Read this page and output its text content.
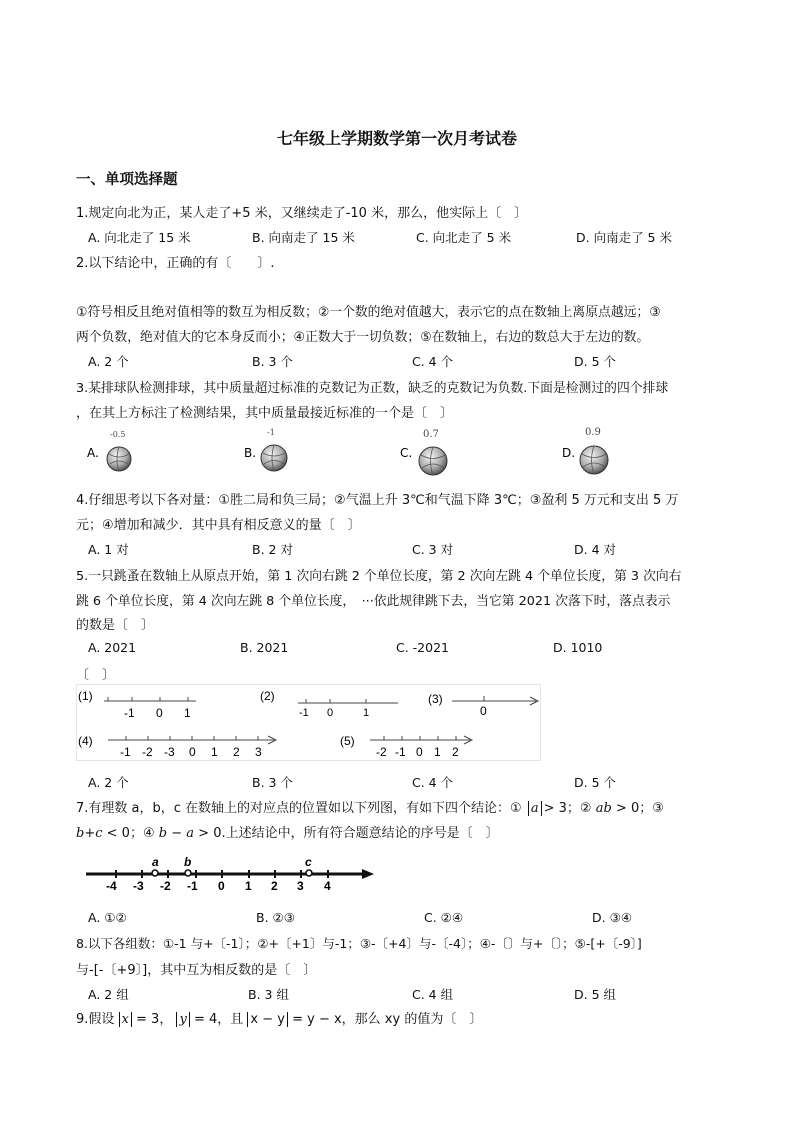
七年级上学期数学第一次月考试卷
一、单项选择题
1.规定向北为正，某人走了+5 米，又继续走了-10 米，那么，他实际上〔　〕
A. 向北走了 15 米	B. 向南走了 15 米	C. 向北走了 5 米	D. 向南走了 5 米
2.以下结论中，正确的有〔　　〕.
①符号相反且绝对值相等的数互为相反数；②一个数的绝对值越大，表示它的点在数轴上离原点越远；③
两个负数，绝对值大的它本身反而小；④正数大于一切负数；⑤在数轴上，右边的数总大于左边的数。
A. 2 个	B. 3 个	C. 4 个	D. 5 个
3.某排球队检测排球，其中质量超过标准的克数记为正数，缺乏的克数记为负数.下面是检测过的四个排球
，在其上方标注了检测结果，其中质量最接近标准的一个是〔　〕
A.
-0.5
B.
-1
C.
0.7
D.
0.9
4.仔细思考以下各对量：①胜二局和负三局；②气温上升 3℃和气温下降 3℃；③盈利 5 万元和支出 5 万
元；④增加和减少．其中具有相反意义的量〔　〕
A. 1 对	B. 2 对	C. 3 对	D. 4 对
5.一只跳蚤在数轴上从原点开始，第 1 次向右跳 2 个单位长度，第 2 次向左跳 4 个单位长度，第 3 次向右
跳 6 个单位长度，第 4 次向左跳 8 个单位长度，　···依此规律跳下去，当它第 2021 次落下时，落点表示
的数是〔　〕
A. 2021	B. 2021	C. -2021	D. 1010
〔　〕
(1)
-1 0 1
(2)
-1 0	1
(3)
0
(4)
-1 -2 -3 0 1 2 3
(5)
-2 -1 0 1 2
A. 2 个	B. 3 个	C. 4 个	D. 5 个
7.有理数 a，b，c 在数轴上的对应点的位置如以下列图，有如下四个结论：① a > 3；② ab > 0；③
b+c < 0；④ b − a > 0.上述结论中，所有符合题意结论的序号是〔　〕
-4 -3 -2 -1 0 1 2 3 4
a b	c
A. ①②	B. ②③	C. ②④	D. ③④
8.以下各组数：①-1 与+〔-1〕；②+〔+1〕与-1；③-〔+4〕与-〔-4〕；④-〔〕与+〔〕；⑤-[+〔-9〕]
与-[-〔+9〕]，其中互为相反数的是〔　〕
A. 2 组	B. 3 组	C. 4 组	D. 5 组
9.假设 x = 3， y = 4，且 x − y = y − x，那么 xy 的值为〔　〕
